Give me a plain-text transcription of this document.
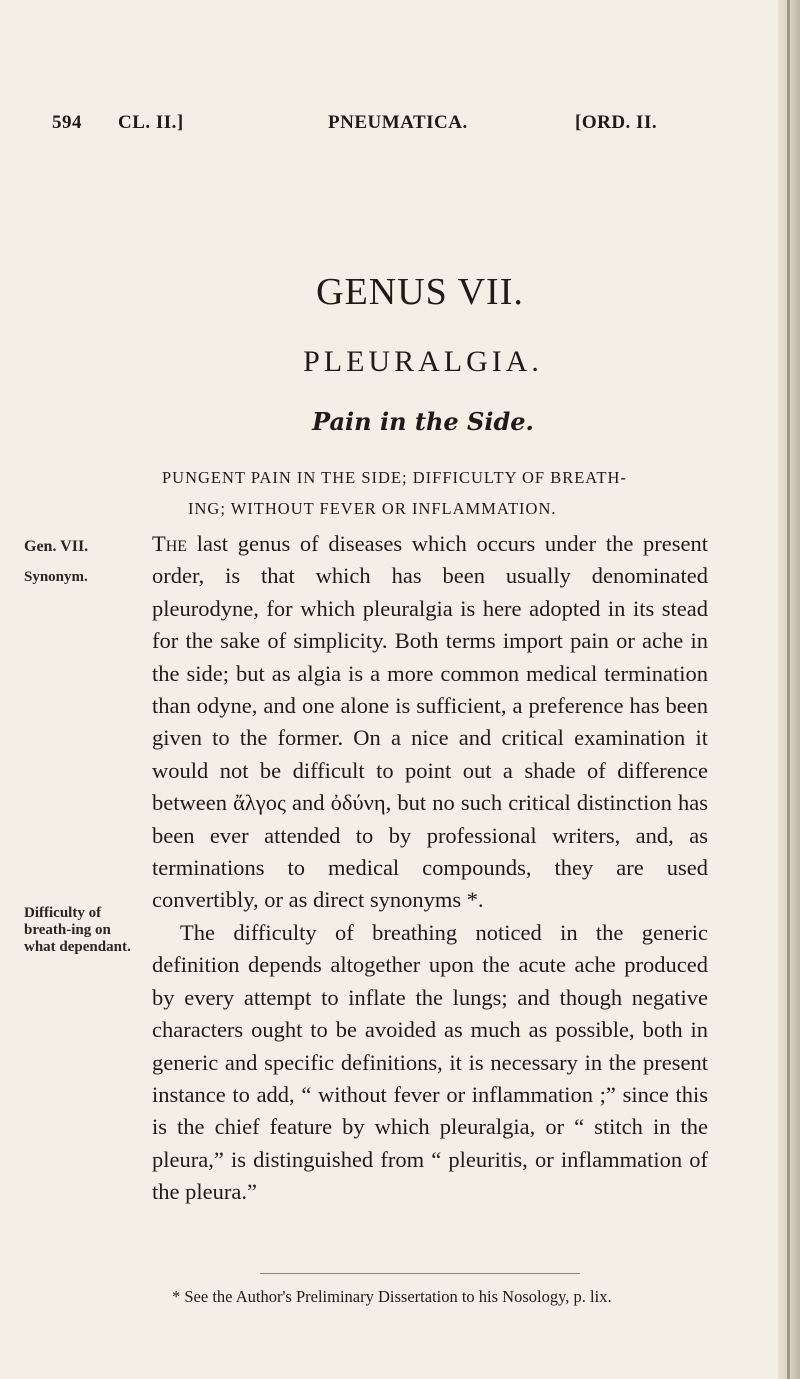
594 CL. II.]	PNEUMATICA.	[ORD. II.
GENUS VII.
PLEURALGIA.
Pain in the Side.
PUNGENT PAIN IN THE SIDE; DIFFICULTY OF BREATH-
ING; WITHOUT FEVER OR INFLAMMATION.
Gen. VII.
Synonym.
Difficulty of breath-ing on what dependant.

The last genus of diseases which occurs under the present order, is that which has been usually denominated pleurodyne, for which pleuralgia is here adopted in its stead for the sake of simplicity. Both terms import pain or ache in the side; but as algia is a more common medical termination than odyne, and one alone is sufficient, a preference has been given to the former. On a nice and critical examination it would not be difficult to point out a shade of difference between ἄλγος and ὀδύνη, but no such critical distinction has been ever attended to by professional writers, and, as terminations to medical compounds, they are used convertibly, or as direct synonyms *.

The difficulty of breathing noticed in the generic definition depends altogether upon the acute ache produced by every attempt to inflate the lungs; and though negative characters ought to be avoided as much as possible, both in generic and specific definitions, it is necessary in the present instance to add, “ without fever or inflammation ;” since this is the chief feature by which pleuralgia, or “ stitch in the pleura,” is distinguished from “ pleuritis, or inflammation of the pleura.”

* See the Author's Preliminary Dissertation to his Nosology, p. lix.
